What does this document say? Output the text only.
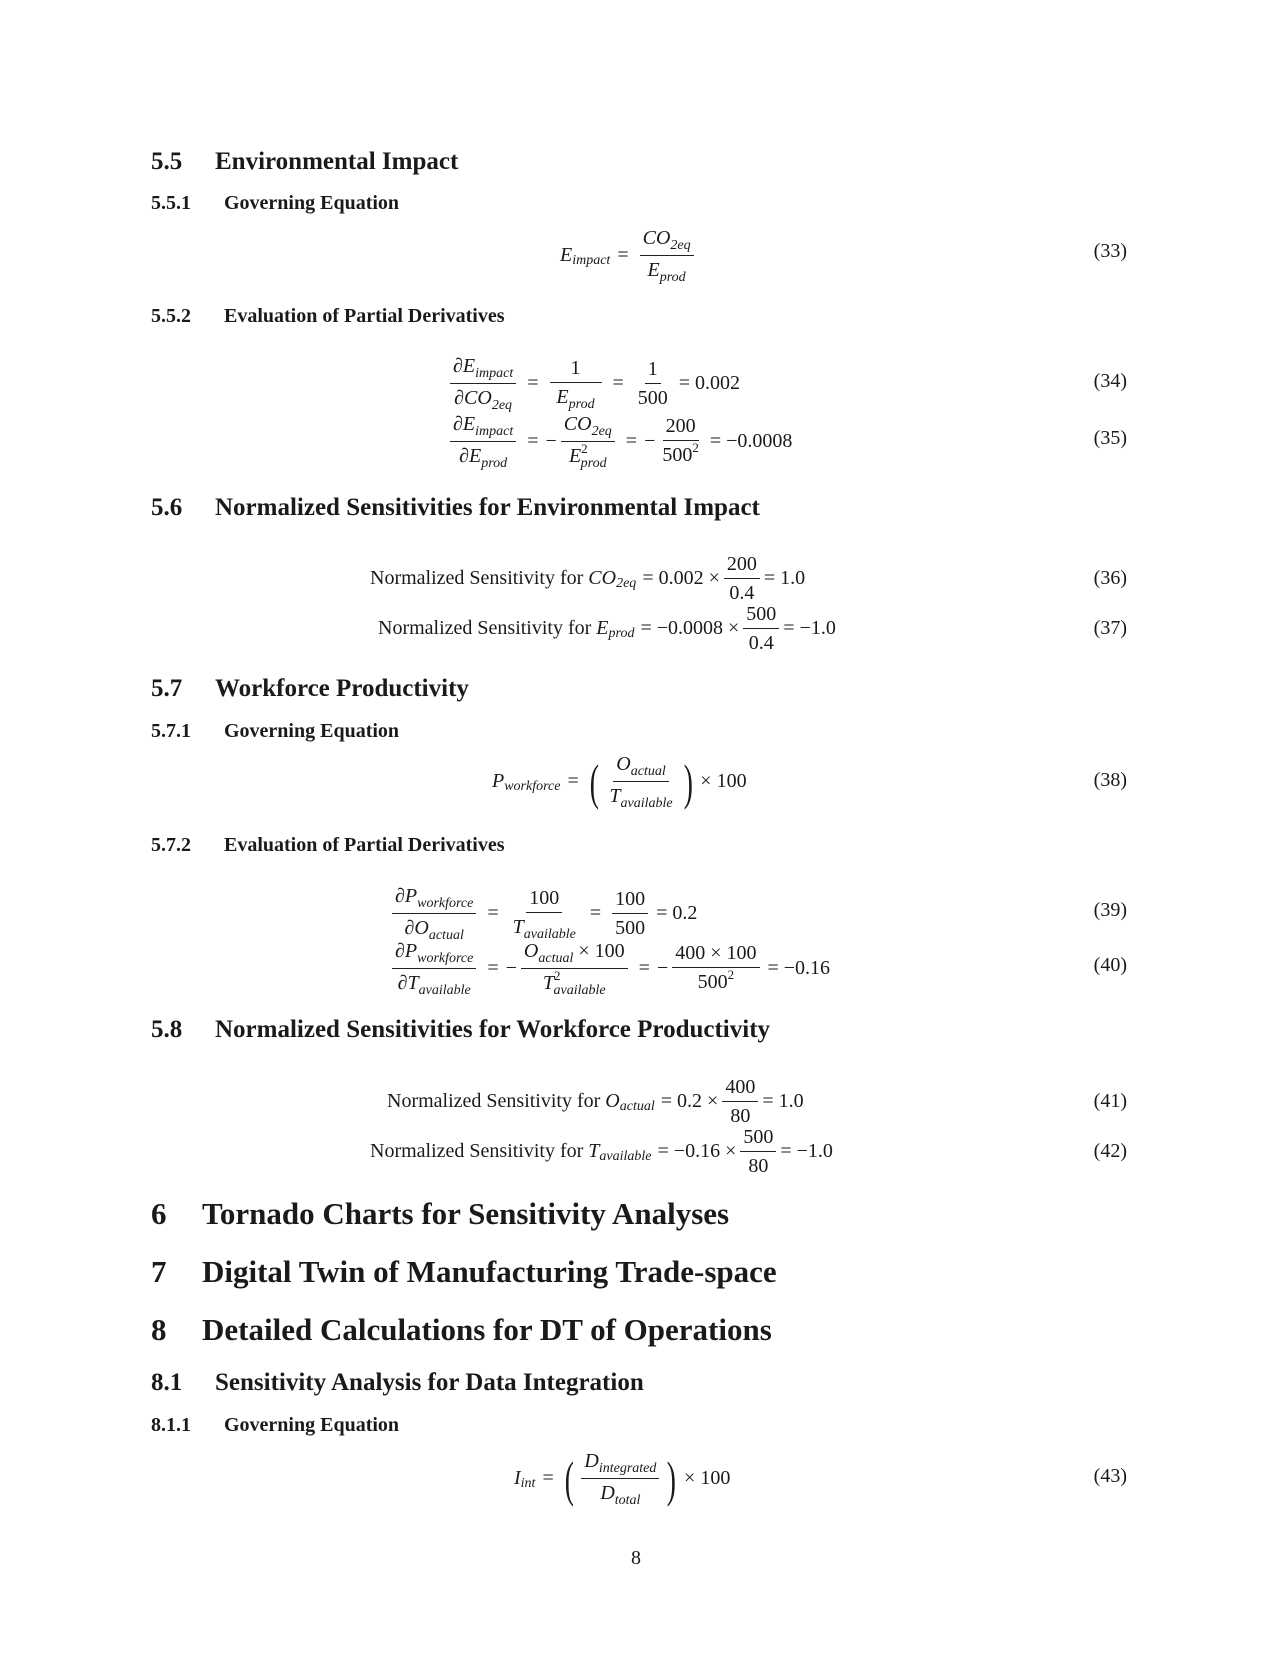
5.5 Environmental Impact
5.5.1 Governing Equation
E impact = $\frac{CO_{2eq}}{E_{prod}}$	(33)
5.5.2 Evaluation of Partial Derivatives
$\frac{\partial E_{impact}}{\partial CO_{2eq}} = \frac{1}{E_{prod}} = \frac{1}{500} = 0.002$	(34)
$\frac{\partial E_{impact}}{\partial E_{prod}}$ = − $\frac{CO_{2eq}}{E^2_{prod}}$ = − $\frac{200}{500^2} = -0.0008$	(35)
5.6 Normalized Sensitivities for Environmental Impact
Normalized Sensitivity for
CO $2eq = 0.002 \times \frac{200}{0.4} = 1.0$	(36)
Normalized Sensitivity for
E prod = $-0.0008 \times \frac{500}{0.4} = -1.0$	(37)
5.7 Workforce Productivity
5.7.1 Governing Equation
P workforce = ( $\frac{O_{actual}}{T_{available}}$ ) × 100	(38)
5.7.2 Evaluation of Partial Derivatives
$\frac{\partial P_{workforce}}{\partial O_{actual}} = \frac{100}{T_{available}} = \frac{100}{500} = 0.2$	(39)
$\frac{\partial P_{workforce}}{\partial T_{available}}$ = − $\frac{O_{actual} \times 100}{T^2_{available}}$ = − $\frac{400 \times 100}{500^2} = -0.16$	(40)
5.8 Normalized Sensitivities for Workforce Productivity
Normalized Sensitivity for
O actual = $0.2 \times \frac{400}{80} = 1.0$	(41)
Normalized Sensitivity for
T available = $-0.16 \times \frac{500}{80} = -1.0$	(42)
6 Tornado Charts for Sensitivity Analyses
7 Digital Twin of Manufacturing Trade-space
8 Detailed Calculations for DT of Operations
8.1 Sensitivity Analysis for Data Integration
8.1.1 Governing Equation
I int = ( $\frac{D_{integrated}}{D_{total}}$ ) × 100	(43)
8
